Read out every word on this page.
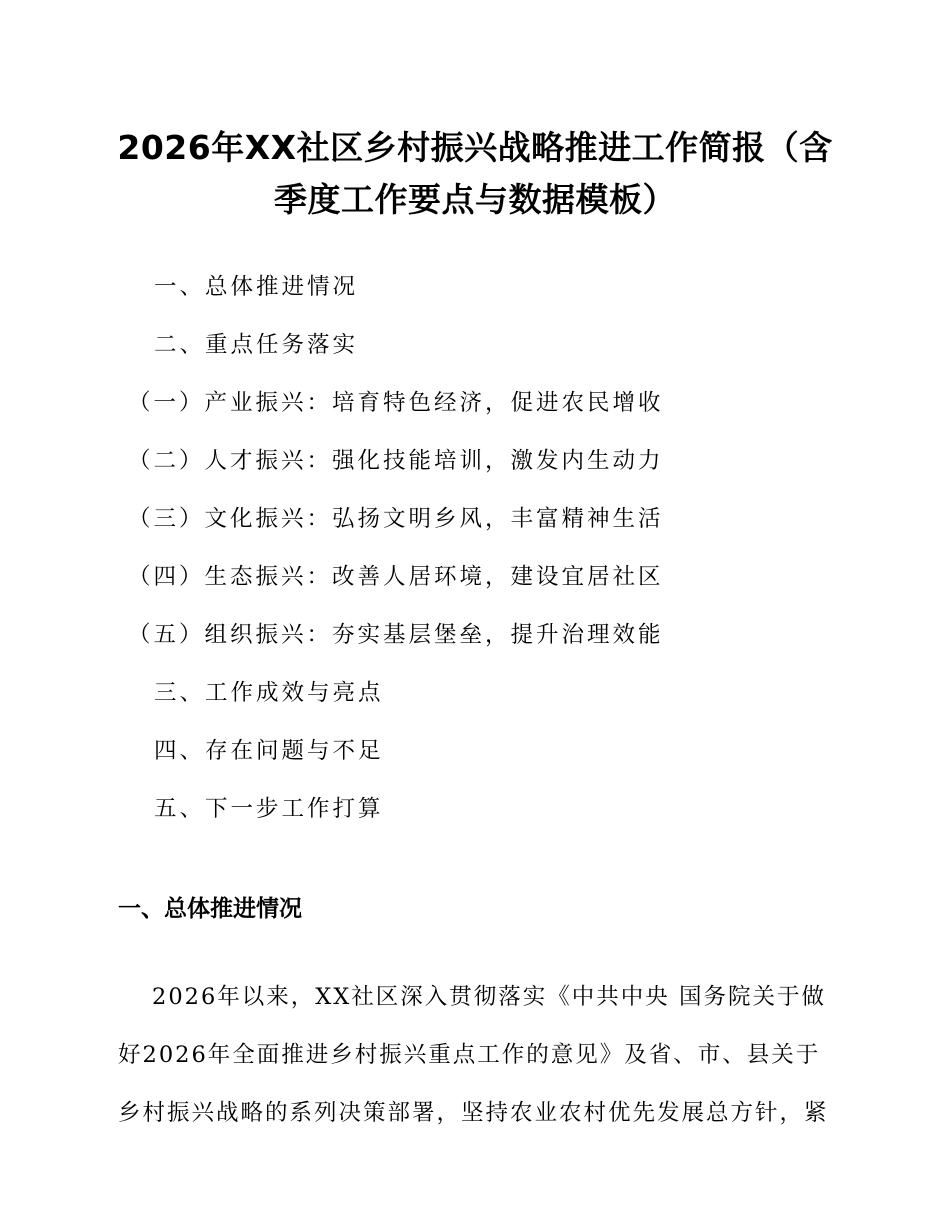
2026年XX社区乡村振兴战略推进工作简报（含季度工作要点与数据模板）
一、总体推进情况
二、重点任务落实
（一）产业振兴：培育特色经济，促进农民增收
（二）人才振兴：强化技能培训，激发内生动力
（三）文化振兴：弘扬文明乡风，丰富精神生活
（四）生态振兴：改善人居环境，建设宜居社区
（五）组织振兴：夯实基层堡垒，提升治理效能
三、工作成效与亮点
四、存在问题与不足
五、下一步工作打算
一、总体推进情况

2026年以来，XX社区深入贯彻落实《中共中央 国务院关于做

好2026年全面推进乡村振兴重点工作的意见》及省、市、县关于

乡村振兴战略的系列决策部署，坚持农业农村优先发展总方针，紧
